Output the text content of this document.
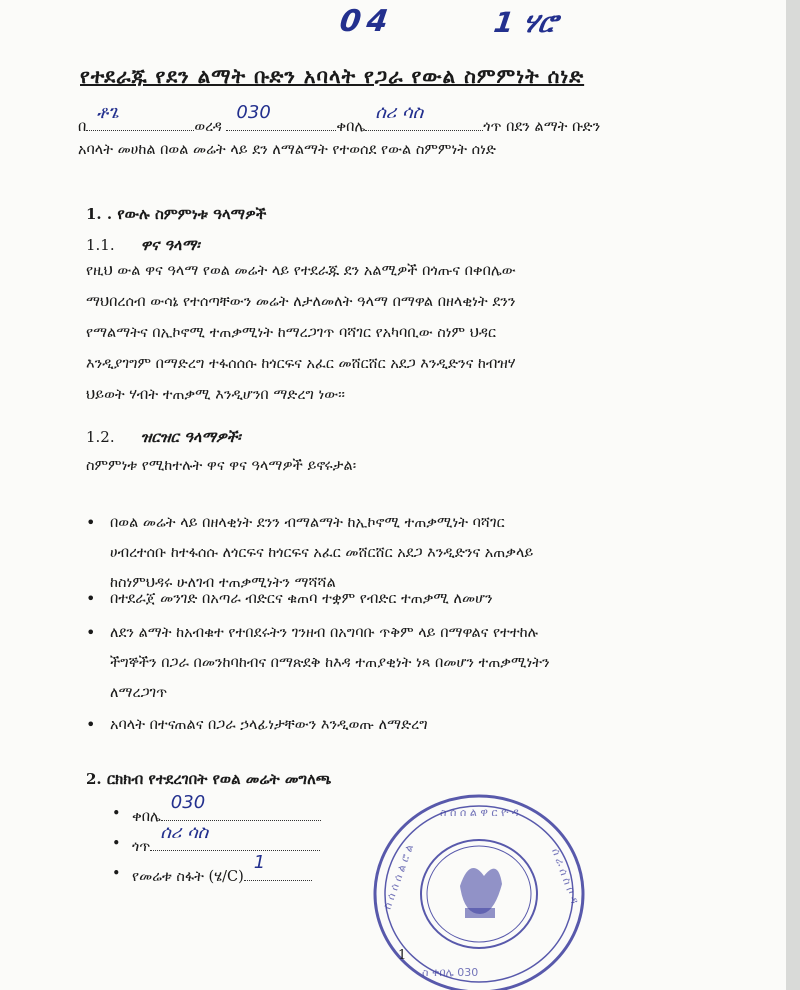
04	1 ሃሮ
የተደራጁ የደን ልማት ቡድን አባላት የጋራ የውል ስምምነት ሰነድ
በ
ቶጌ
ወረዳ
030
ቀበሌ
ሰሪ ሳስ
ጎጥ በደን ልማት ቡድን
አባላት መሀከል በወል መሬት ላይ ደን ለማልማት የተወሰደ የውል ስምምነት ሰነድ
1. . የውሉ ስምምነቱ ዓላማዎች
1.1. ዋና ዓላማ፡
የዚህ ውል ዋና ዓላማ የወል መሬት ላይ የተደራጁ ደን አልሚዎች በጎጡና በቀበሌው
ማህበረሰብ ውሳኔ የተሰጣቸውን መሬት ለታለመለት ዓላማ በማዋል በዘላቂነት ደንን
የማልማትና በኢኮኖሚ ተጠቃሚነት ከማረጋገጥ ባሻገር የአካባቢው ስነም ህዳር
እንዲያገግም በማድረግ ተፋሰሰሱ ከጎርፍና አፈር መሸርሸር አደጋ እንዲድንና ከብዝሃ
ህይወት ሃብት ተጠቃሚ እንዲሆንበ ማድረግ ነው፡፡
1.2. ዝርዝር ዓላማዎች፡
ስምምነቱ የሚከተሉት ዋና ዋና ዓላማዎች ይኖሩታል፡
• በወል መሬት ላይ በዘላቂነት ደንን ብማልማት ከኢኮኖሚ ተጠቃሚነት ባሻገር
ሀብረተሰቡ ከተፋሰሱ ለጎርፍና ከጎርፍና አፈር መሸርሸር አደጋ እንዲድንና አጠቃላይ
ከስነምህዳሩ ሁለገብ ተጠቃሚነትን ማሻሻል
• በተደራጀ መንገድ በአጣራ ብድርና ቁጠባ ተቋም የብድር ተጠቃሚ ለመሆን
• ለደን ልማት ከአብቁተ የተበደሩትን ገንዘብ በአግባቡ ጥቅም ላይ በማዋልና የተተከሉ
ችግኞችን በጋራ በመንከባከብና በማጽደቅ ከእዳ ተጠያቂነት ነጻ በመሆን ተጠቃሚነትን
ለማረጋገጥ
• አባላት በተናጠልና በጋራ ኃላፊነታቸውን እንዲወጡ ለማድረግ
2. ርክክብ የተደረገበት የወል መሬት መግለጫ
• ቀበሌ
030
• ጎጥ
ሰሪ ሳስ
• የመሬቱ ስፋት (ሄ/C)
1
ስ ሰ ሰ ል ዋ ር ዮ ዳ
ስ ሰ ሰ ሰ ል ሮ ል	ሰ ራ ሰ ስ ቦ ዳ
ስ ቀበሌ 030
1
